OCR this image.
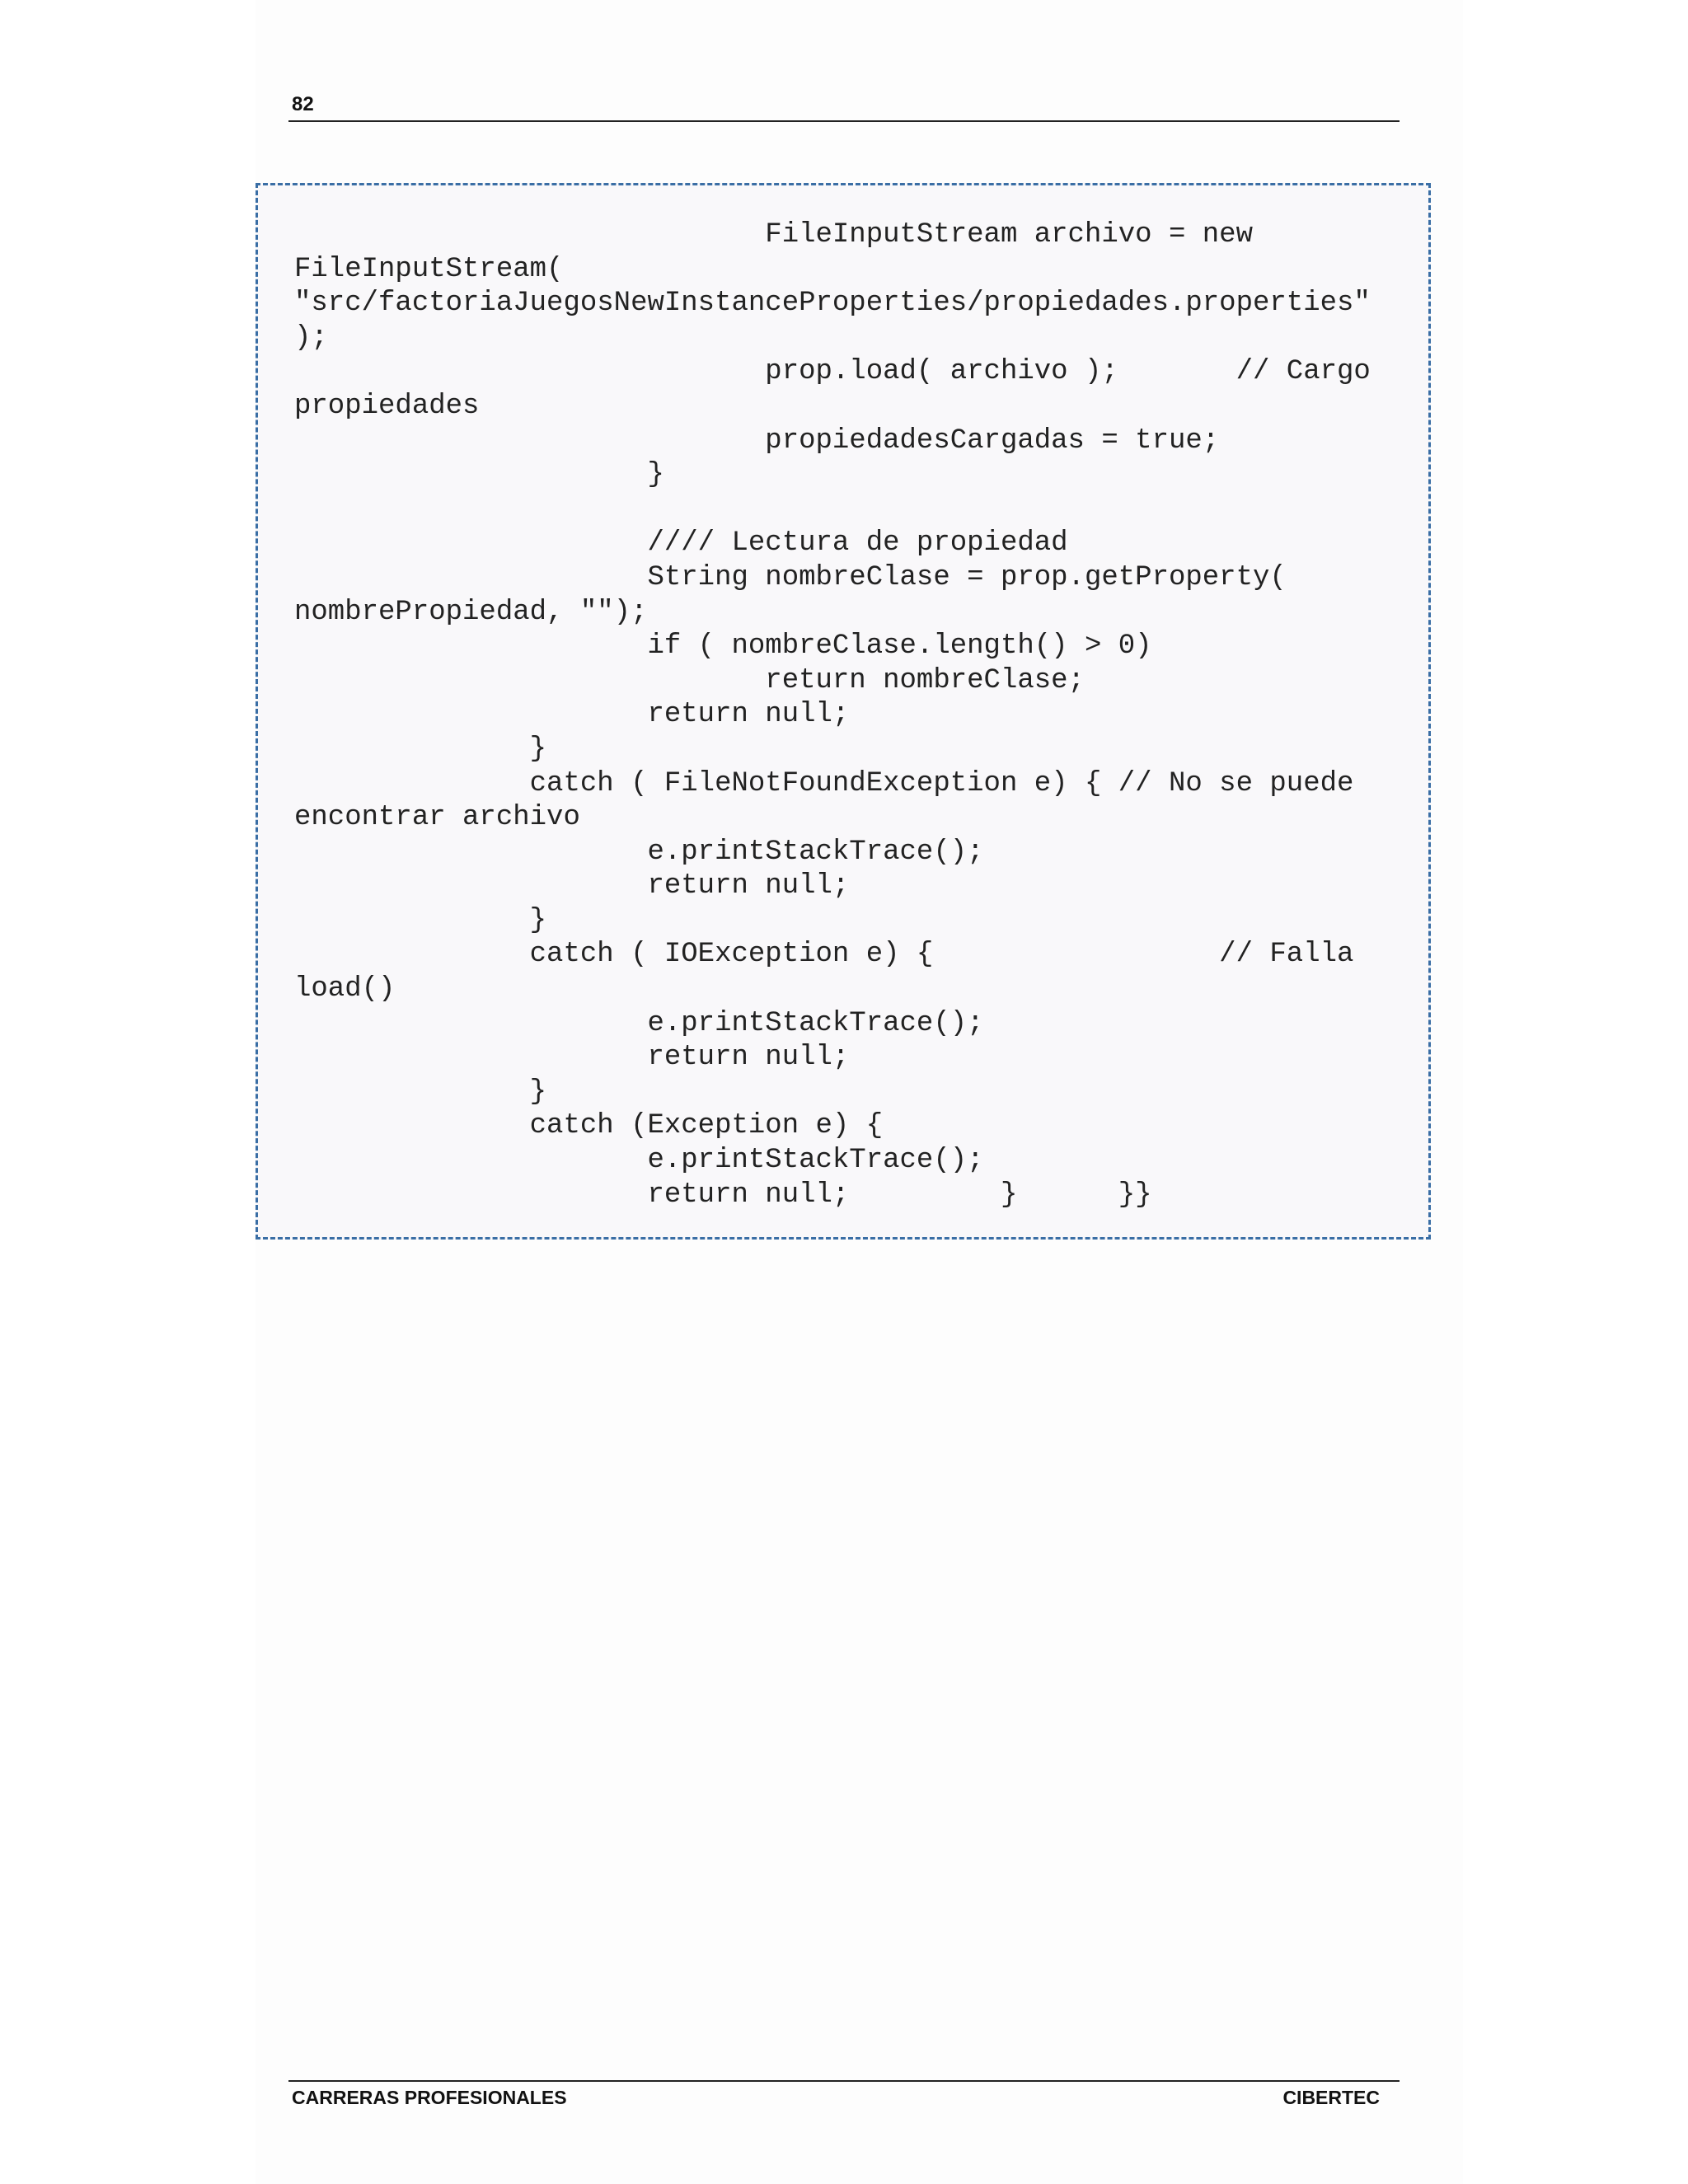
82
FileInputStream archivo = new
FileInputStream(
"src/factoriaJuegosNewInstanceProperties/propiedades.properties"
);
prop.load( archivo );       // Cargo
propiedades
propiedadesCargadas = true;
}

//// Lectura de propiedad
String nombreClase = prop.getProperty(
nombrePropiedad, "");
if ( nombreClase.length() > 0)
return nombreClase;
return null;
}
catch ( FileNotFoundException e) { // No se puede
encontrar archivo
e.printStackTrace();
return null;
}
catch ( IOException e) {                 // Falla
load()
e.printStackTrace();
return null;
}
catch (Exception e) {
e.printStackTrace();
return null;         }      }}
CARRERAS PROFESIONALES	CIBERTEC
